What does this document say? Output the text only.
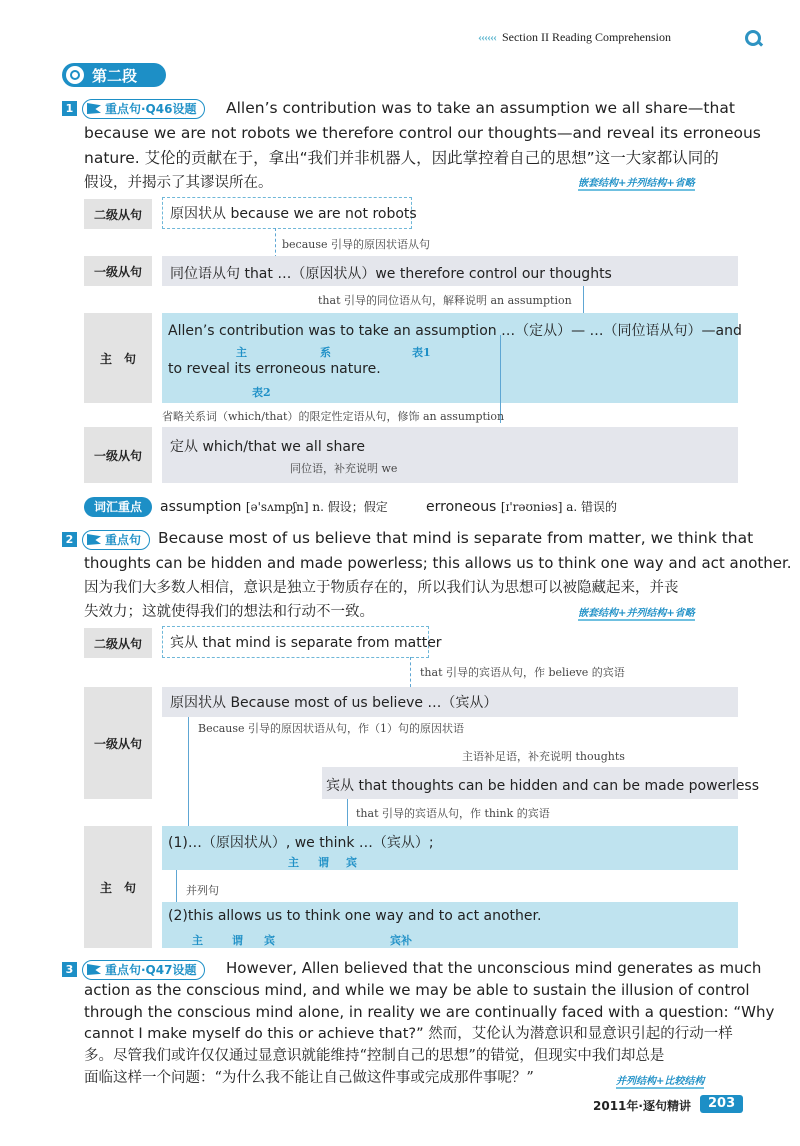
‹‹‹‹‹‹ Section II Reading Comprehension
第二段
1	重点句·Q46设题	Allen’s contribution was to take an assumption we all share—that
because we are not robots we therefore control our thoughts—and reveal its erroneous
nature. 艾伦的贡献在于，拿出“我们并非机器人，因此掌控着自己的思想”这一大家都认同的
假设，并揭示了其谬误所在。	嵌套结构+并列结构+省略
二级从句	原因状从 because we are not robots
because 引导的原因状语从句
一级从句	同位语从句 that …（原因状从）we therefore control our thoughts
that 引导的同位语从句，解释说明 an assumption
主　句
Allen’s contribution was to take an assumption …（定从）— …（同位语从句）—and
主	系	表1
to reveal its erroneous nature.
表2
省略关系词（which/that）的限定性定语从句，修饰 an assumption
一级从句
定从 which/that we all share
同位语，补充说明 we
词汇重点	assumption [ə'sʌmpʃn] n. 假设；假定	erroneous [ɪ'rəʊniəs] a. 错误的
2	重点句	Because most of us believe that mind is separate from matter, we think that
thoughts can be hidden and made powerless; this allows us to think one way and act another.
因为我们大多数人相信，意识是独立于物质存在的，所以我们认为思想可以被隐藏起来，并丧
失效力；这就使得我们的想法和行动不一致。	嵌套结构+并列结构+省略
二级从句	宾从 that mind is separate from matter
that 引导的宾语从句，作 believe 的宾语
一级从句
原因状从 Because most of us believe …（宾从）
Because 引导的原因状语从句，作（1）句的原因状语
主语补足语，补充说明 thoughts
宾从 that thoughts can be hidden and can be made powerless
that 引导的宾语从句，作 think 的宾语
主　句
(1)…（原因状从）, we think …（宾从）;
主 谓 宾
并列句
(2)this allows us to think one way and to act another.
主	谓 宾	宾补
3	重点句·Q47设题	However, Allen believed that the unconscious mind generates as much
action as the conscious mind, and while we may be able to sustain the illusion of control
through the conscious mind alone, in reality we are continually faced with a question: “Why
cannot I make myself do this or achieve that?” 然而，艾伦认为潜意识和显意识引起的行动一样
多。尽管我们或许仅仅通过显意识就能维持“控制自己的思想”的错觉，但现实中我们却总是
面临这样一个问题：“为什么我不能让自己做这件事或完成那件事呢？”	并列结构+比较结构
2011年·逐句精讲	203
